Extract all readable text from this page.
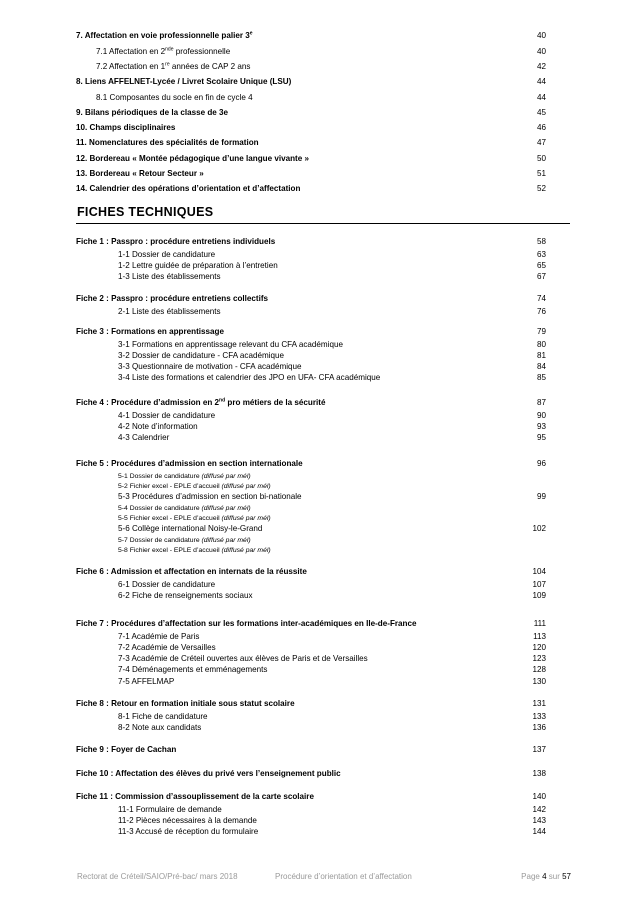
7. Affectation en voie professionnelle palier 3e	40
7.1 Affectation en 2nde professionnelle	40
7.2 Affectation en 1re années de CAP 2 ans	42
8. Liens AFFELNET-Lycée / Livret Scolaire Unique (LSU)	44
8.1 Composantes du socle en fin de cycle 4	44
9. Bilans périodiques de la classe de 3e	45
10. Champs disciplinaires	46
11. Nomenclatures des spécialités de formation	47
12. Bordereau « Montée pédagogique d’une langue vivante »	50
13. Bordereau « Retour Secteur »	51
14. Calendrier des opérations d’orientation et d’affectation	52
FICHES TECHNIQUES
Fiche 1 : Passpro : procédure entretiens individuels	58
1-1 Dossier de candidature	63
1-2 Lettre guidée de préparation à l’entretien	65
1-3 Liste des établissements	67
Fiche 2 : Passpro : procédure entretiens collectifs	74
2-1 Liste des établissements	76
Fiche 3 : Formations en apprentissage	79
3-1 Formations en apprentissage relevant du CFA académique	80
3-2 Dossier de candidature - CFA académique	81
3-3 Questionnaire de motivation - CFA académique	84
3-4 Liste des formations et calendrier des JPO en UFA- CFA académique	85
Fiche 4 : Procédure d’admission en 2nd pro métiers de la sécurité	87
4-1 Dossier de candidature	90
4-2 Note d’information	93
4-3 Calendrier	95
Fiche 5 : Procédures d’admission en section internationale	96
5-1 Dossier de candidature (diffusé par mél)
5-2 Fichier excel - EPLE d’accueil (diffusé par mél)
5-3 Procédures d’admission en section bi-nationale	99
5-4 Dossier de candidature (diffusé par mél)
5-5 Fichier excel - EPLE d’accueil (diffusé par mél)
5-6 Collège international Noisy-le-Grand	102
5-7 Dossier de candidature (diffusé par mél)
5-8 Fichier excel - EPLE d’accueil (diffusé par mél)
Fiche 6 : Admission et affectation en internats de la réussite	104
6-1 Dossier de candidature	107
6-2 Fiche de renseignements sociaux	109
Fiche 7 : Procédures d’affectation sur les formations inter-académiques en Ile-de-France	111
7-1 Académie de Paris	113
7-2 Académie de Versailles	120
7-3 Académie de Créteil ouvertes aux élèves de Paris et de Versailles	123
7-4 Déménagements et emménagements	128
7-5 AFFELMAP	130
Fiche 8 : Retour en formation initiale sous statut scolaire	131
8-1 Fiche de candidature	133
8-2 Note aux candidats	136
Fiche 9 : Foyer de Cachan	137
Fiche 10 : Affectation des élèves du privé vers l’enseignement public	138
Fiche 11 : Commission d’assouplissement de la carte scolaire	140
11-1 Formulaire de demande	142
11-2 Pièces nécessaires à la demande	143
11-3 Accusé de réception du formulaire	144
Rectorat de Créteil/SAIO/Pré-bac/ mars 2018	Procédure d’orientation et d’affectation	Page 4 sur 57
